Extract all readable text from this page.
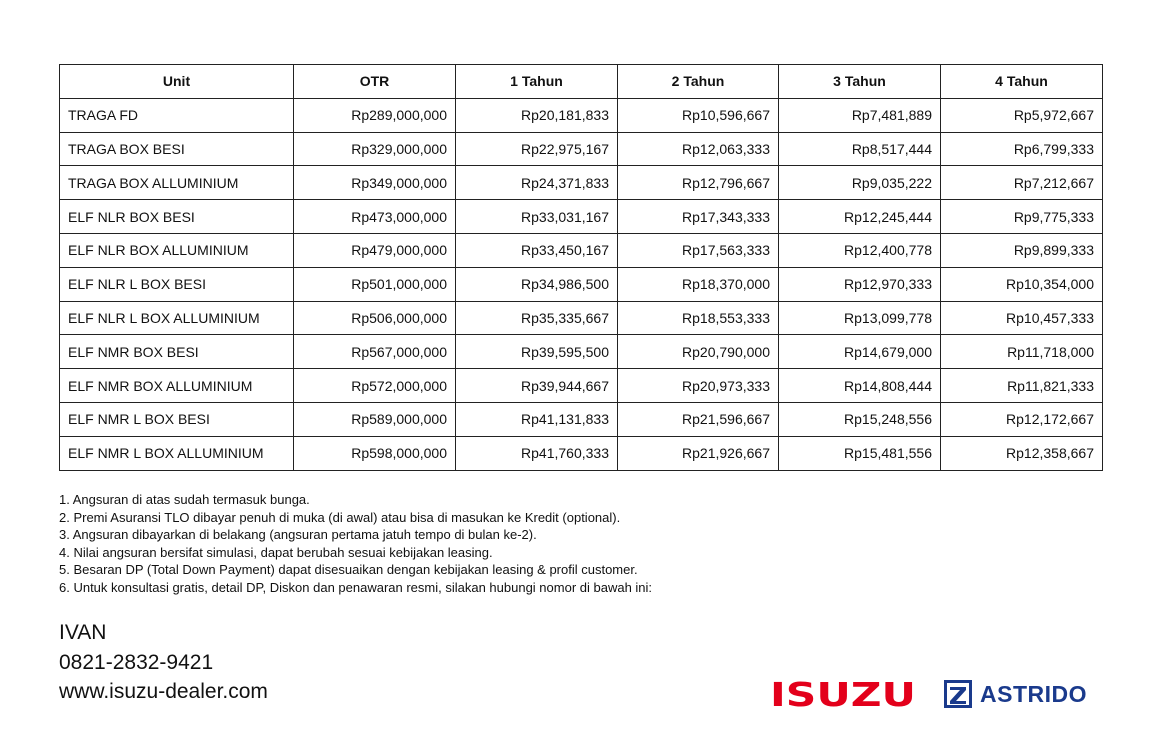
Unit	OTR	1 Tahun	2 Tahun	3 Tahun	4 Tahun
TRAGA FD	Rp289,000,000	Rp20,181,833	Rp10,596,667	Rp7,481,889	Rp5,972,667
TRAGA BOX BESI	Rp329,000,000	Rp22,975,167	Rp12,063,333	Rp8,517,444	Rp6,799,333
TRAGA BOX ALLUMINIUM	Rp349,000,000	Rp24,371,833	Rp12,796,667	Rp9,035,222	Rp7,212,667
ELF NLR BOX BESI	Rp473,000,000	Rp33,031,167	Rp17,343,333	Rp12,245,444	Rp9,775,333
ELF NLR BOX ALLUMINIUM	Rp479,000,000	Rp33,450,167	Rp17,563,333	Rp12,400,778	Rp9,899,333
ELF NLR L BOX BESI	Rp501,000,000	Rp34,986,500	Rp18,370,000	Rp12,970,333	Rp10,354,000
ELF NLR L BOX ALLUMINIUM	Rp506,000,000	Rp35,335,667	Rp18,553,333	Rp13,099,778	Rp10,457,333
ELF NMR BOX BESI	Rp567,000,000	Rp39,595,500	Rp20,790,000	Rp14,679,000	Rp11,718,000
ELF NMR BOX ALLUMINIUM	Rp572,000,000	Rp39,944,667	Rp20,973,333	Rp14,808,444	Rp11,821,333
ELF NMR L BOX BESI	Rp589,000,000	Rp41,131,833	Rp21,596,667	Rp15,248,556	Rp12,172,667
ELF NMR L BOX ALLUMINIUM	Rp598,000,000	Rp41,760,333	Rp21,926,667	Rp15,481,556	Rp12,358,667
1. Angsuran di atas sudah termasuk bunga.
2. Premi Asuransi TLO dibayar penuh di muka (di awal) atau bisa di masukan ke Kredit (optional).
3. Angsuran dibayarkan di belakang (angsuran pertama jatuh tempo di bulan ke-2).
4. Nilai angsuran bersifat simulasi, dapat berubah sesuai kebijakan leasing.
5. Besaran DP (Total Down Payment) dapat disesuaikan dengan kebijakan leasing & profil customer.
6. Untuk konsultasi gratis, detail DP, Diskon dan penawaran resmi, silakan hubungi nomor di bawah ini:
IVAN
0821-2832-9421
www.isuzu-dealer.com	ISUZU	ASTRIDO
